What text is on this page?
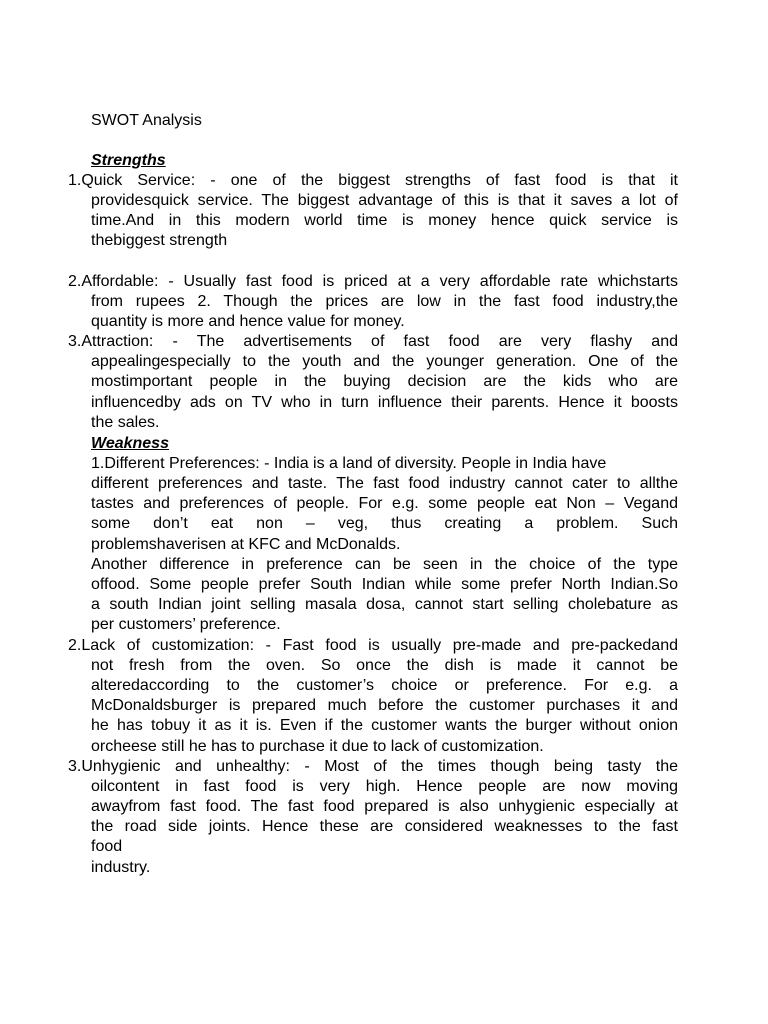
SWOT Analysis
Strengths
1.Quick Service: - one of the biggest strengths of fast food is that it
providesquick service. The biggest advantage of this is that it saves a lot of
time.And in this modern world time is money hence quick service is
thebiggest strength
2.Affordable: - Usually fast food is priced at a very affordable rate whichstarts
from rupees 2. Though the prices are low in the fast food industry,the
quantity is more and hence value for money.
3.Attraction: - The advertisements of fast food are very flashy and
appealingespecially to the youth and the younger generation. One of the
mostimportant people in the buying decision are the kids who are
influencedby ads on TV who in turn influence their parents. Hence it boosts
the sales.
Weakness
1.Different Preferences: - India is a land of diversity. People in India have
different preferences and taste. The fast food industry cannot cater to allthe
tastes and preferences of people. For e.g. some people eat Non – Vegand
some don’t eat non – veg, thus creating a problem. Such
problemshaverisen at KFC and McDonalds.
Another difference in preference can be seen in the choice of the type
offood. Some people prefer South Indian while some prefer North Indian.So
a south Indian joint selling masala dosa, cannot start selling cholebature as
per customers’ preference.
2.Lack of customization: - Fast food is usually pre-made and pre-packedand
not fresh from the oven. So once the dish is made it cannot be
alteredaccording to the customer’s choice or preference. For e.g. a
McDonaldsburger is prepared much before the customer purchases it and
he has tobuy it as it is. Even if the customer wants the burger without onion
orcheese still he has to purchase it due to lack of customization.
3.Unhygienic and unhealthy: - Most of the times though being tasty the
oilcontent in fast food is very high. Hence people are now moving
awayfrom fast food. The fast food prepared is also unhygienic especially at
the road side joints. Hence these are considered weaknesses to the fast
food
industry.
